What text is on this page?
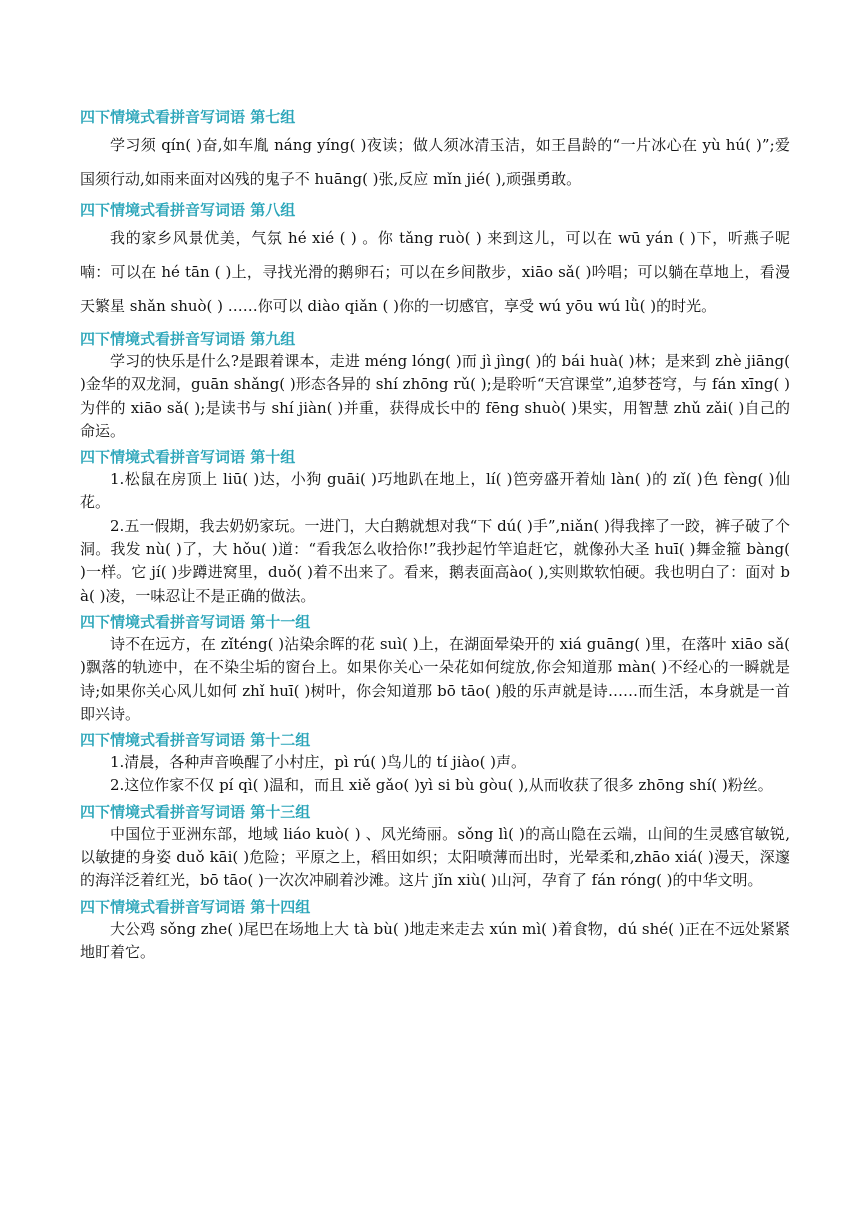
四下情境式看拼音写词语 第七组

学习须 qín( )奋,如车胤 náng yíng( )夜读；做人须冰清玉洁，如王昌龄的“一片冰心在 yù hú( )”;爱国须行动,如雨来面对凶残的鬼子不 huāng( )张,反应 mǐn jié( ),顽强勇敢。

四下情境式看拼音写词语 第八组

我的家乡风景优美，气氛 hé xié ( ) 。你 tǎng ruò( ) 来到这儿，可以在 wū yán ( )下，听燕子呢喃：可以在 hé tān ( )上，寻找光滑的鹅卵石；可以在乡间散步，xiāo sǎ( )吟唱；可以躺在草地上，看漫天繁星 shǎn shuò( ) ……你可以 diào qiǎn ( )你的一切感官，享受 wú yōu wú lǜ( )的时光。

四下情境式看拼音写词语 第九组

学习的快乐是什么?是跟着课本，走进 méng lóng( )而 jì jìng( )的 bái huà( )林；是来到 zhè jiāng( )金华的双龙洞，guān shǎng( )形态各异的 shí zhōng rǔ( );是聆听“天宫课堂”,追梦苍穹，与 fán xīng( )为伴的 xiāo sǎ( );是读书与 shí jiàn( )并重，获得成长中的 fēng shuò( )果实，用智慧 zhǔ zǎi( )自己的命运。

四下情境式看拼音写词语 第十组

1.松鼠在房顶上 liū( )达，小狗 guāi( )巧地趴在地上，lí( )笆旁盛开着灿 làn( )的 zǐ( )色 fèng( )仙花。

2.五一假期，我去奶奶家玩。一进门，大白鹅就想对我“下 dú( )手”,niǎn( )得我摔了一跤，裤子破了个洞。我发 nù( )了，大 hǒu( )道：“看我怎么收拾你!”我抄起竹竿追赶它，就像孙大圣 huī( )舞金箍 bàng( )一样。它 jí( )步蹲进窝里，duǒ( )着不出来了。看来，鹅表面高ào( ),实则欺软怕硬。我也明白了：面对 bà( )凌，一味忍让不是正确的做法。

四下情境式看拼音写词语 第十一组

诗不在远方，在 zǐténg( )沾染余晖的花 suì( )上，在湖面晕染开的 xiá guāng( )里，在落叶 xiāo sǎ( )飘落的轨迹中，在不染尘垢的窗台上。如果你关心一朵花如何绽放,你会知道那 màn( )不经心的一瞬就是诗;如果你关心风儿如何 zhǐ huī( )树叶，你会知道那 bō tāo( )般的乐声就是诗……而生活，本身就是一首即兴诗。

四下情境式看拼音写词语 第十二组

1.清晨，各种声音唤醒了小村庄，pì rú( )鸟儿的 tí jiào( )声。

2.这位作家不仅 pí qì( )温和，而且 xiě gǎo( )yì si bù gòu( ),从而收获了很多 zhōng shí( )粉丝。

四下情境式看拼音写词语 第十三组

中国位于亚洲东部，地域 liáo kuò( ) 、风光绮丽。sǒng lì( )的高山隐在云端，山间的生灵感官敏锐,以敏捷的身姿 duǒ kāi( )危险；平原之上，稻田如织；太阳喷薄而出时，光晕柔和,zhāo xiá( )漫天，深邃的海洋泛着红光，bō tāo( )一次次冲刷着沙滩。这片 jǐn xiù( )山河，孕育了 fán róng( )的中华文明。

四下情境式看拼音写词语 第十四组

大公鸡 sǒng zhe( )尾巴在场地上大 tà bù( )地走来走去 xún mì( )着食物，dú shé( )正在不远处紧紧地盯着它。
